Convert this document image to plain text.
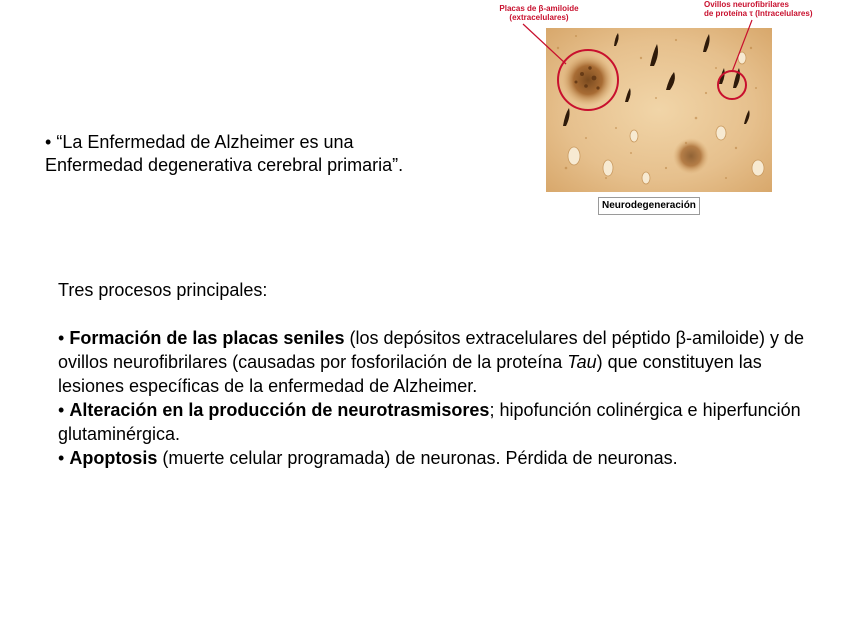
• “La Enfermedad de Alzheimer es una
Enfermedad degenerativa cerebral primaria”.
Placas de β-amiloide
(extracelulares)
Ovillos neurofibrilares
de proteína τ (Intracelulares)
Neurodegeneración

Tres procesos principales:

• Formación de las placas seniles (los depósitos extracelulares del péptido β-amiloide) y de ovillos neurofibrilares (causadas por fosforilación de la proteína Tau) que constituyen las lesiones específicas de la enfermedad de Alzheimer.

• Alteración en la producción de neurotrasmisores; hipofunción colinérgica e hiperfunción glutaminérgica.

• Apoptosis (muerte celular programada) de neuronas. Pérdida de neuronas.
